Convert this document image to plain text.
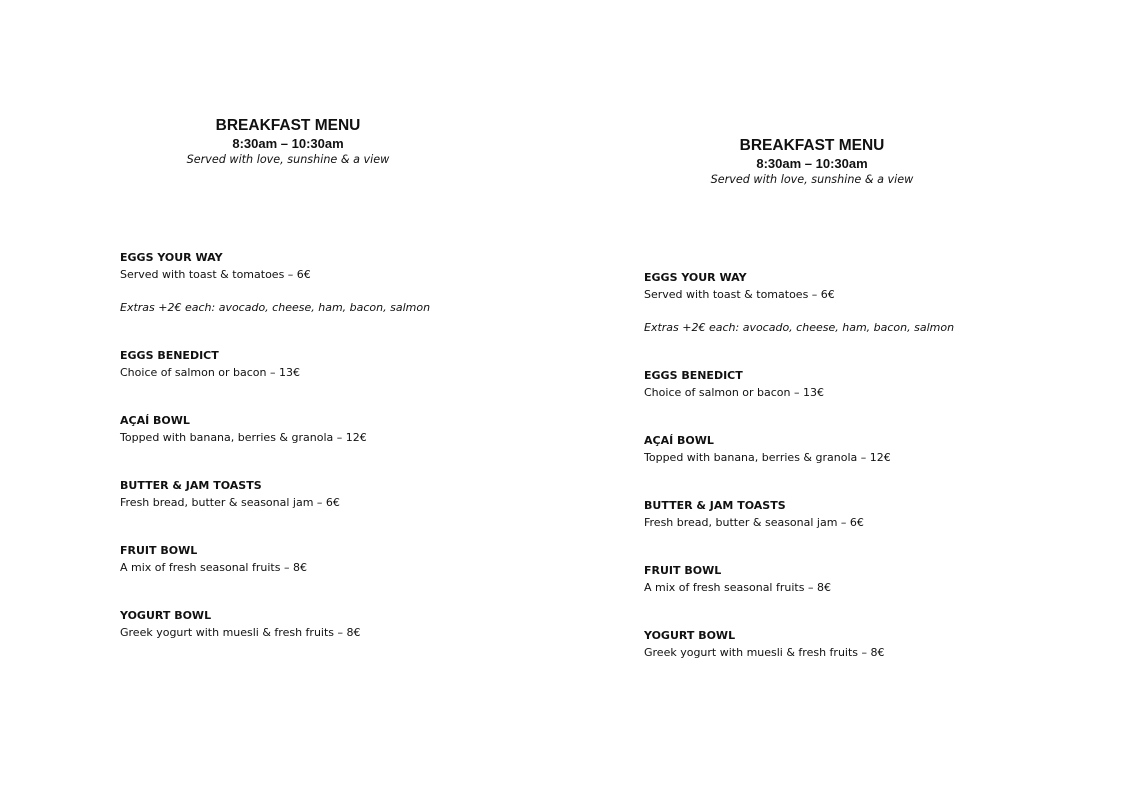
BREAKFAST MENU

8:30am – 10:30am

Served with love, sunshine & a view

EGGS YOUR WAY

Served with toast & tomatoes – 6€

Extras +2€ each: avocado, cheese, ham, bacon, salmon

EGGS BENEDICT

Choice of salmon or bacon – 13€

AÇAÍ BOWL

Topped with banana, berries & granola – 12€

BUTTER & JAM TOASTS

Fresh bread, butter & seasonal jam – 6€

FRUIT BOWL

A mix of fresh seasonal fruits – 8€

YOGURT BOWL

Greek yogurt with muesli & fresh fruits – 8€

BREAKFAST MENU

8:30am – 10:30am

Served with love, sunshine & a view

EGGS YOUR WAY

Served with toast & tomatoes – 6€

Extras +2€ each: avocado, cheese, ham, bacon, salmon

EGGS BENEDICT

Choice of salmon or bacon – 13€

AÇAÍ BOWL

Topped with banana, berries & granola – 12€

BUTTER & JAM TOASTS

Fresh bread, butter & seasonal jam – 6€

FRUIT BOWL

A mix of fresh seasonal fruits – 8€

YOGURT BOWL

Greek yogurt with muesli & fresh fruits – 8€
